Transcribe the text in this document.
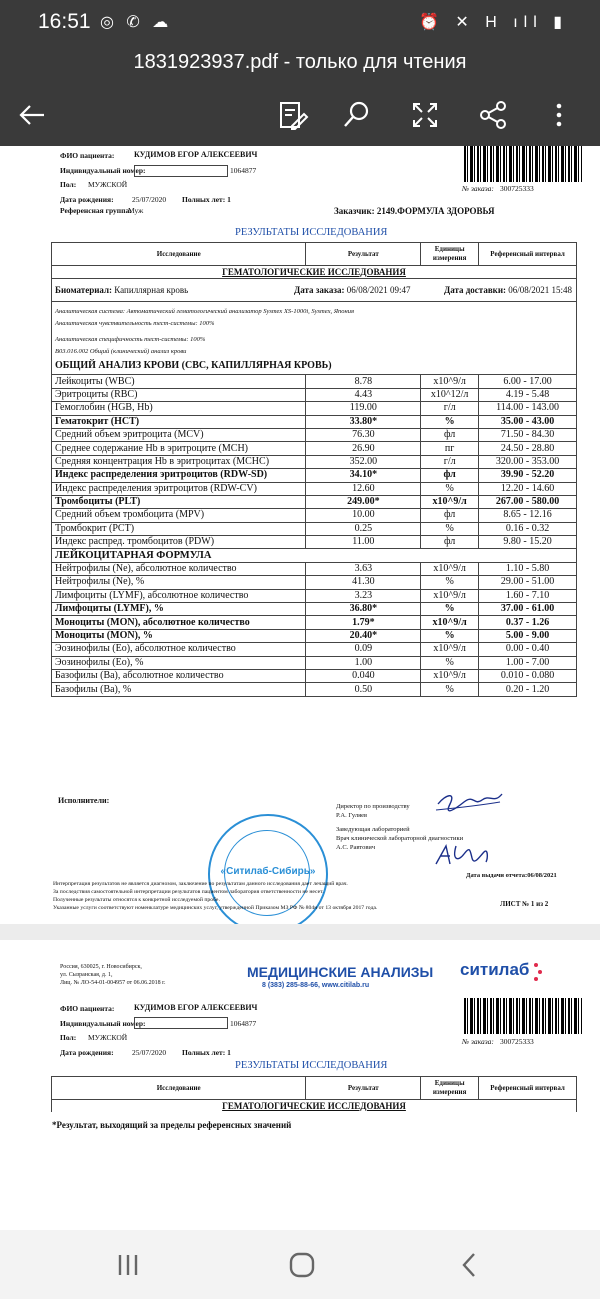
16:51 ◎ ✆ ☁	⏰ ✕ H ıll ▮
1831923937.pdf - только для чтения
ФИО пациента: КУДИМОВ ЕГОР АЛЕКСЕЕВИЧ
Индивидуальный номер:	1064877
Пол: МУЖСКОЙ
Дата рождения: 25/07/2020 Полных лет: 1
Референсная группа:
Муж
№ заказа: 300725333
Заказчик: 2149.ФОРМУЛА ЗДОРОВЬЯ
РЕЗУЛЬТАТЫ ИССЛЕДОВАНИЯ
Исследование	Результат	Единицы измерения	Референсный интервал
ГЕМАТОЛОГИЧЕСКИЕ ИССЛЕДОВАНИЯ			
Биоматериал: Капиллярная кровь Дата заказа: 06/08/2021 09:47 Дата доставки: 06/08/2021 15:48			

Аналитическая система: Автоматический гематологический анализатор Sysmex XS-1000i, Sysmex, Япония
Аналитическая чувствительность тест-системы: 100%
Аналитическая специфичность тест-системы: 100%
В03.016.002 Общий (клинический) анализ крови
ОБЩИЙ АНАЛИЗ КРОВИ (CBC, КАПИЛЛЯРНАЯ КРОВЬ)			

Лейкоциты (WBC)	8.78	x10^9/л	6.00 - 17.00
Эритроциты (RBC)	4.43	x10^12/л	4.19 - 5.48
Гемоглобин (HGB, Hb)	119.00	г/л	114.00 - 143.00
Гематокрит (HCT)	33.80*	%	35.00 - 43.00
Средний объем эритроцита (MCV)	76.30	фл	71.50 - 84.30
Среднее содержание Hb в эритроците (MCH)	26.90	пг	24.50 - 28.80
Средняя концентрация Hb в эритроцитах (MCHC)	352.00	г/л	320.00 - 353.00
Индекс распределения эритроцитов (RDW-SD)	34.10*	фл	39.90 - 52.20
Индекс распределения эритроцитов (RDW-CV)	12.60	%	12.20 - 14.60
Тромбоциты (PLT)	249.00*	x10^9/л	267.00 - 580.00
Средний объем тромбоцита (MPV)	10.00	фл	8.65 - 12.16
Тромбокрит (PCT)	0.25	%	0.16 - 0.32
Индекс распред. тромбоцитов (PDW)	11.00	фл	9.80 - 15.20
ЛЕЙКОЦИТАРНАЯ ФОРМУЛА			
Нейтрофилы (Ne), абсолютное количество	3.63	x10^9/л	1.10 - 5.80
Нейтрофилы (Ne), %	41.30	%	29.00 - 51.00
Лимфоциты (LYMF), абсолютное количество	3.23	x10^9/л	1.60 - 7.10
Лимфоциты (LYMF), %	36.80*	%	37.00 - 61.00
Моноциты (MON), абсолютное количество	1.79*	x10^9/л	0.37 - 1.26
Моноциты (MON), %	20.40*	%	5.00 - 9.00
Эозинофилы (Eo), абсолютное количество	0.09	x10^9/л	0.00 - 0.40
Эозинофилы (Eo), %	1.00	%	1.00 - 7.00
Базофилы (Ba), абсолютное количество	0.040	x10^9/л	0.010 - 0.080
Базофилы (Ba), %	0.50	%	0.20 - 1.20
Исполнители:
«Ситилаб-Сибирь»
Директор по производству
Р.А. Гуляев
Заведующая лабораторией
Врач клинической лабораторной диагностики
А.С. Равтович
Дата выдачи отчета:06/08/2021
Интерпретация результатов не является диагнозом, заключение по результатам данного исследования дает лечащий врач.
За последствия самостоятельной интерпретации результатов пациентом лаборатория ответственности не несет.
Полученные результаты относятся к конкретной исследуемой пробе.
Указанные услуги соответствуют номенклатуре медицинских услуг, утвержденной Приказом МЗ РФ № 804н от 13 октября 2017 года.	ЛИСТ № 1 из 2
Россия, 630025, г. Новосибирск,
ул. Сызранская, д. 1,
Лиц. № ЛО-54-01-004957 от 06.06.2018 г.
МЕДИЦИНСКИЕ АНАЛИЗЫ
8 (383) 285-88-66, www.citilab.ru
ситилаб
ФИО пациента: КУДИМОВ ЕГОР АЛЕКСЕЕВИЧ
Индивидуальный номер:	1064877
Пол: МУЖСКОЙ
Дата рождения: 25/07/2020 Полных лет: 1
№ заказа: 300725333
РЕЗУЛЬТАТЫ ИССЛЕДОВАНИЯ
Исследование	Результат	Единицы измерения	Референсный интервал
ГЕМАТОЛОГИЧЕСКИЕ ИССЛЕДОВАНИЯ
*Результат, выходящий за пределы референсных значений
